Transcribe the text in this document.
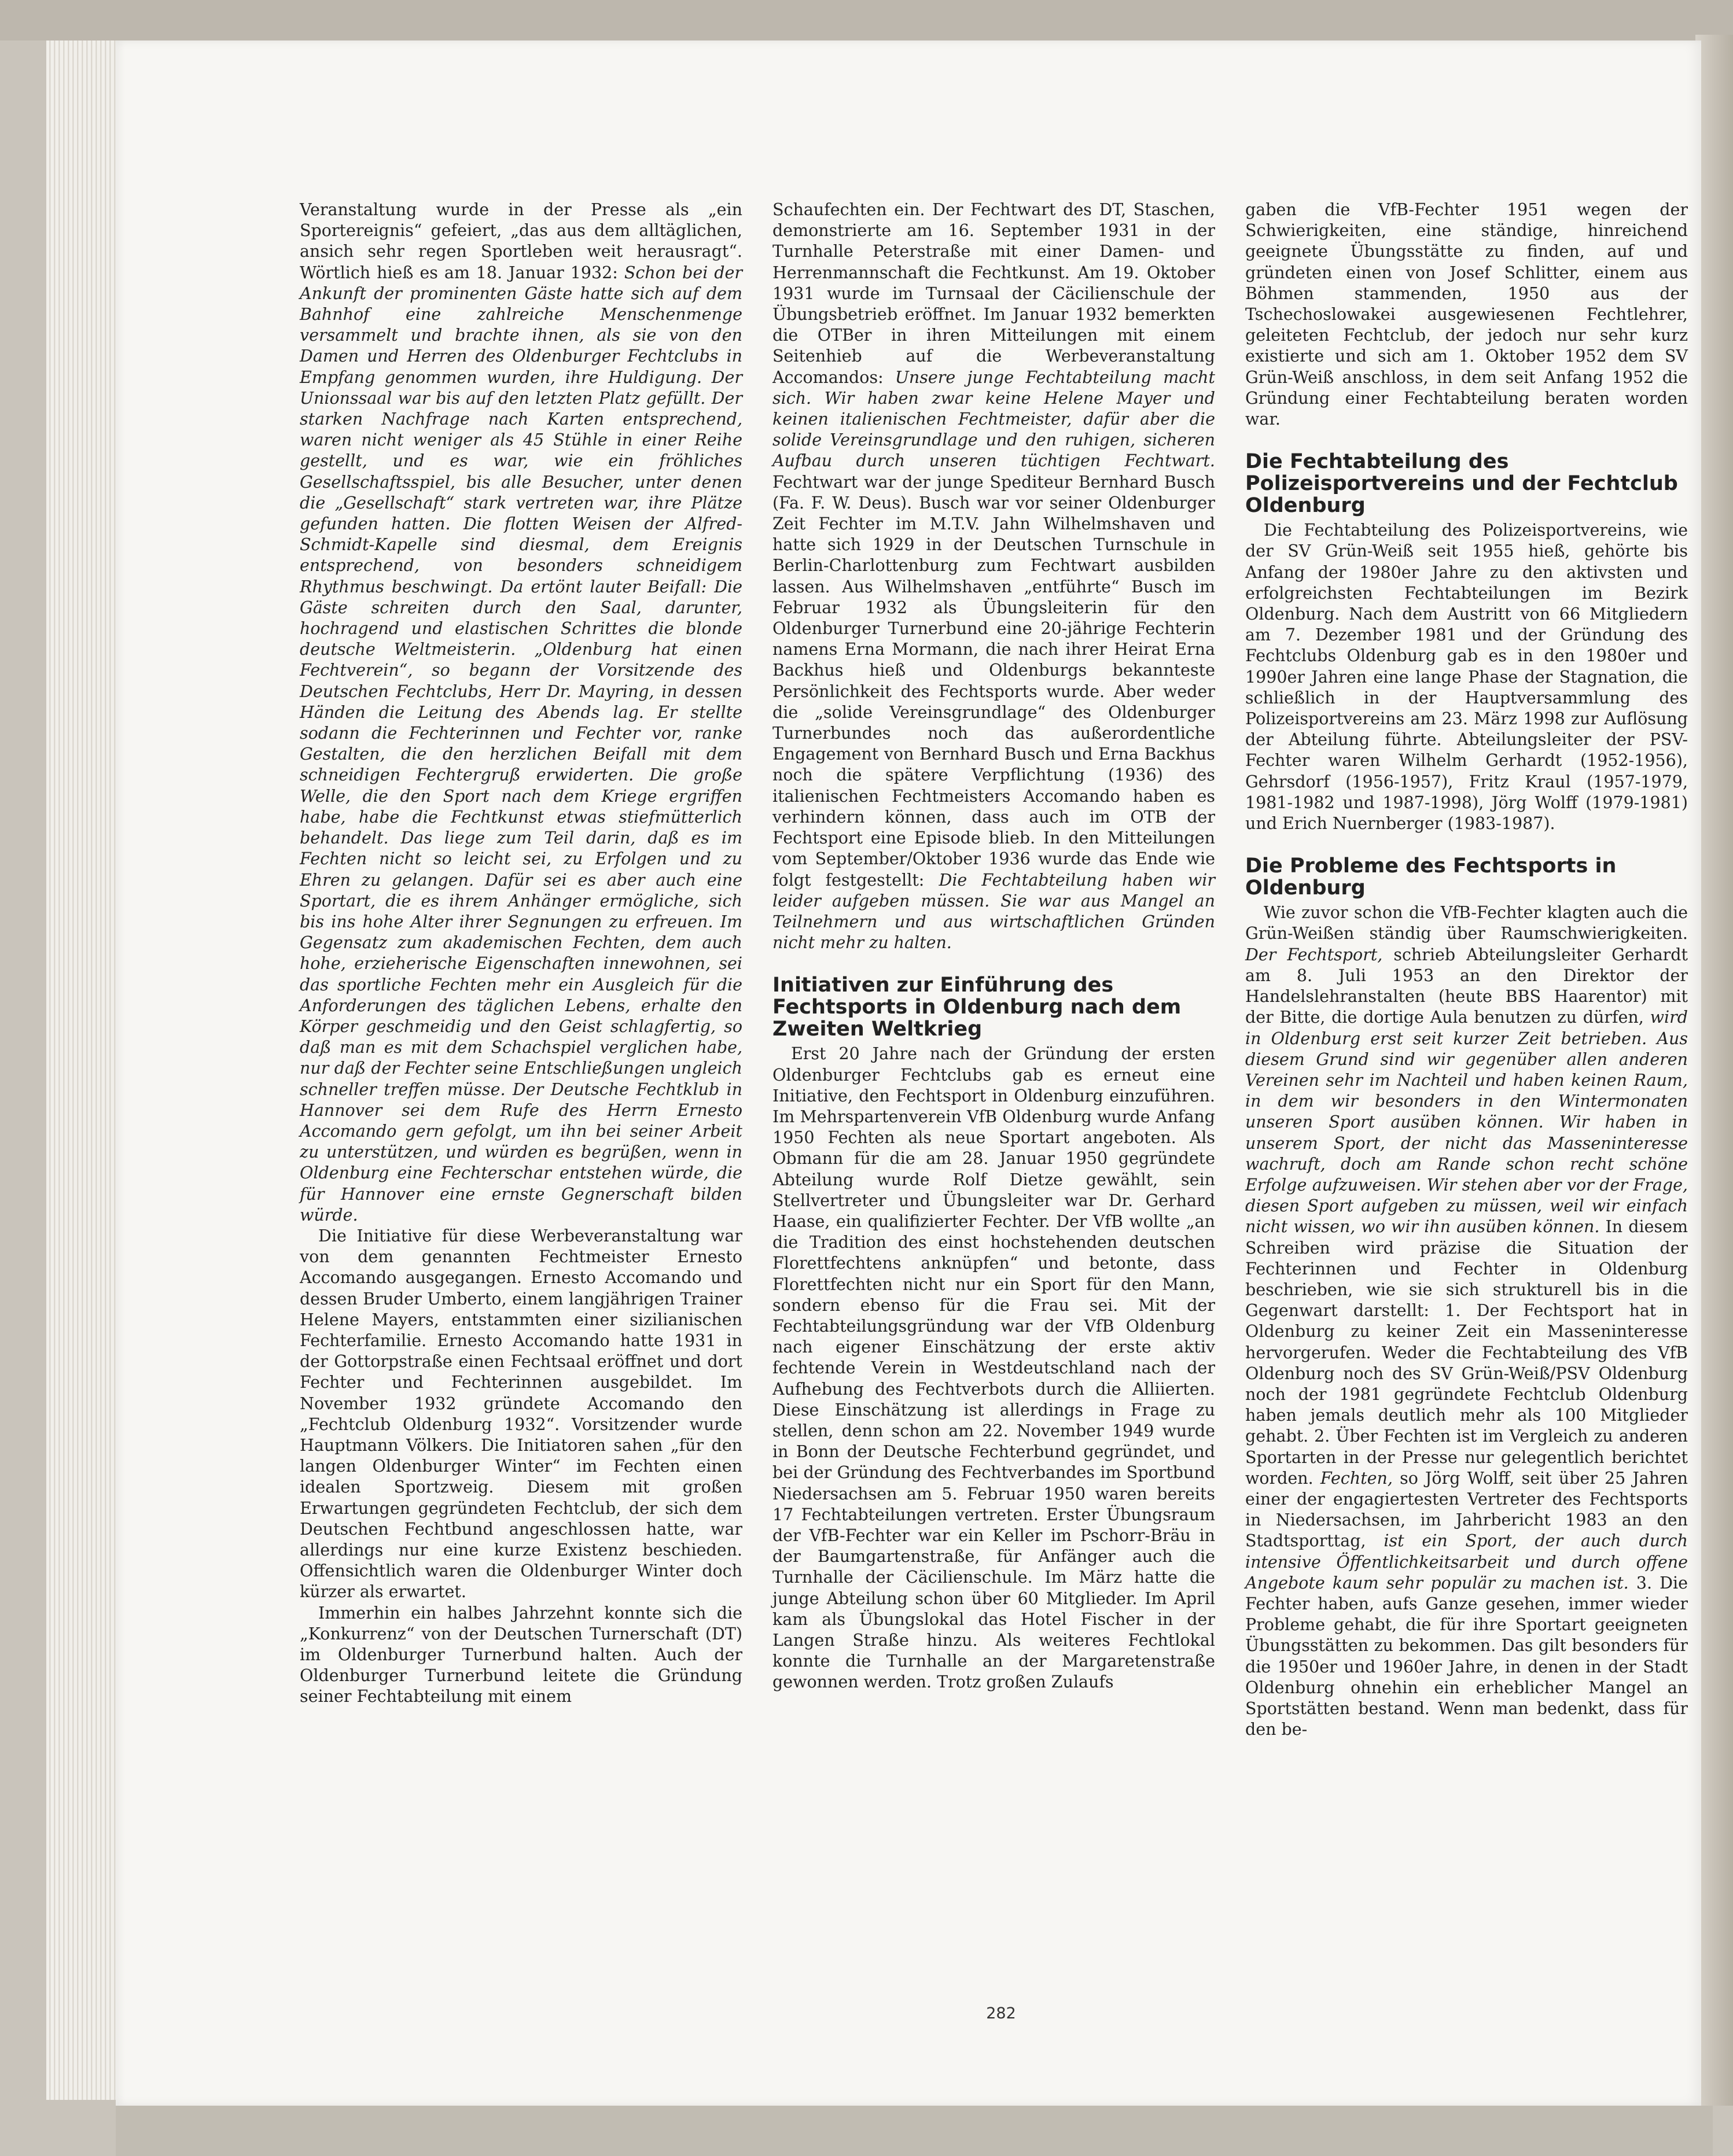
Veranstaltung wurde in der Presse als „ein Sportereignis“ gefeiert, „das aus dem alltäglichen, ansich sehr regen Sportleben weit herausragt“. Wörtlich hieß es am 18. Januar 1932: Schon bei der Ankunft der prominenten Gäste hatte sich auf dem Bahnhof eine zahlreiche Menschenmenge versammelt und brachte ihnen, als sie von den Damen und Herren des Oldenburger Fechtclubs in Empfang genommen wurden, ihre Huldigung. Der Unionssaal war bis auf den letzten Platz gefüllt. Der starken Nachfrage nach Karten entsprechend, waren nicht weniger als 45 Stühle in einer Reihe gestellt, und es war, wie ein fröhliches Gesellschaftsspiel, bis alle Besucher, unter denen die „Gesellschaft“ stark vertreten war, ihre Plätze gefunden hatten. Die flotten Weisen der Alfred-Schmidt-Kapelle sind diesmal, dem Ereignis entsprechend, von besonders schneidigem Rhythmus beschwingt. Da ertönt lauter Beifall: Die Gäste schreiten durch den Saal, darunter, hochragend und elastischen Schrittes die blonde deutsche Weltmeisterin. „Oldenburg hat einen Fechtverein“, so begann der Vorsitzende des Deutschen Fechtclubs, Herr Dr. Mayring, in dessen Händen die Leitung des Abends lag. Er stellte sodann die Fechterinnen und Fechter vor, ranke Gestalten, die den herzlichen Beifall mit dem schneidigen Fechtergruß erwiderten. Die große Welle, die den Sport nach dem Kriege ergriffen habe, habe die Fechtkunst etwas stiefmütterlich behandelt. Das liege zum Teil darin, daß es im Fechten nicht so leicht sei, zu Erfolgen und zu Ehren zu gelangen. Dafür sei es aber auch eine Sportart, die es ihrem Anhänger ermögliche, sich bis ins hohe Alter ihrer Segnungen zu erfreuen. Im Gegensatz zum akademischen Fechten, dem auch hohe, erzieherische Eigenschaften innewohnen, sei das sportliche Fechten mehr ein Ausgleich für die Anforderungen des täglichen Lebens, erhalte den Körper geschmeidig und den Geist schlagfertig, so daß man es mit dem Schachspiel verglichen habe, nur daß der Fechter seine Entschließungen ungleich schneller treffen müsse. Der Deutsche Fechtklub in Hannover sei dem Rufe des Herrn Ernesto Accomando gern gefolgt, um ihn bei seiner Arbeit zu unterstützen, und würden es begrüßen, wenn in Oldenburg eine Fechterschar entstehen würde, die für Hannover eine ernste Gegnerschaft bilden würde.

Die Initiative für diese Werbeveranstaltung war von dem genannten Fechtmeister Ernesto Accomando ausgegangen. Ernesto Accomando und dessen Bruder Umberto, einem langjährigen Trainer Helene Mayers, entstammten einer sizilianischen Fechterfamilie. Ernesto Accomando hatte 1931 in der Gottorpstraße einen Fechtsaal eröffnet und dort Fechter und Fechterinnen ausgebildet. Im November 1932 gründete Accomando den „Fechtclub Oldenburg 1932“. Vorsitzender wurde Hauptmann Völkers. Die Initiatoren sahen „für den langen Oldenburger Winter“ im Fechten einen idealen Sportzweig. Diesem mit großen Erwartungen gegründeten Fechtclub, der sich dem Deutschen Fechtbund angeschlossen hatte, war allerdings nur eine kurze Existenz beschieden. Offensichtlich waren die Oldenburger Winter doch kürzer als erwartet.

Immerhin ein halbes Jahrzehnt konnte sich die „Konkurrenz“ von der Deutschen Turnerschaft (DT) im Oldenburger Turnerbund halten. Auch der Oldenburger Turnerbund leitete die Gründung seiner Fechtabteilung mit einem

Schaufechten ein. Der Fechtwart des DT, Staschen, demonstrierte am 16. September 1931 in der Turnhalle Peterstraße mit einer Damen- und Herrenmannschaft die Fechtkunst. Am 19. Oktober 1931 wurde im Turnsaal der Cäcilienschule der Übungsbetrieb eröffnet. Im Januar 1932 bemerkten die OTBer in ihren Mitteilungen mit einem Seitenhieb auf die Werbeveranstaltung Accomandos: Unsere junge Fechtabteilung macht sich. Wir haben zwar keine Helene Mayer und keinen italienischen Fechtmeister, dafür aber die solide Vereinsgrundlage und den ruhigen, sicheren Aufbau durch unseren tüchtigen Fechtwart. Fechtwart war der junge Spediteur Bernhard Busch (Fa. F. W. Deus). Busch war vor seiner Oldenburger Zeit Fechter im M.T.V. Jahn Wilhelmshaven und hatte sich 1929 in der Deutschen Turnschule in Berlin-Charlottenburg zum Fechtwart ausbilden lassen. Aus Wilhelmshaven „entführte“ Busch im Februar 1932 als Übungsleiterin für den Oldenburger Turnerbund eine 20-jährige Fechterin namens Erna Mormann, die nach ihrer Heirat Erna Backhus hieß und Oldenburgs bekannteste Persönlichkeit des Fechtsports wurde. Aber weder die „solide Vereinsgrundlage“ des Oldenburger Turnerbundes noch das außerordentliche Engagement von Bernhard Busch und Erna Backhus noch die spätere Verpflichtung (1936) des italienischen Fechtmeisters Accomando haben es verhindern können, dass auch im OTB der Fechtsport eine Episode blieb. In den Mitteilungen vom September/Oktober 1936 wurde das Ende wie folgt festgestellt: Die Fechtabteilung haben wir leider aufgeben müssen. Sie war aus Mangel an Teilnehmern und aus wirtschaftlichen Gründen nicht mehr zu halten.

Initiativen zur Einführung des Fechtsports in Oldenburg nach dem Zweiten Weltkrieg

Erst 20 Jahre nach der Gründung der ersten Oldenburger Fechtclubs gab es erneut eine Initiative, den Fechtsport in Oldenburg einzuführen. Im Mehrspartenverein VfB Oldenburg wurde Anfang 1950 Fechten als neue Sportart angeboten. Als Obmann für die am 28. Januar 1950 gegründete Abteilung wurde Rolf Dietze gewählt, sein Stellvertreter und Übungsleiter war Dr. Gerhard Haase, ein qualifizierter Fechter. Der VfB wollte „an die Tradition des einst hochstehenden deutschen Florettfechtens anknüpfen“ und betonte, dass Florettfechten nicht nur ein Sport für den Mann, sondern ebenso für die Frau sei. Mit der Fechtabteilungsgründung war der VfB Oldenburg nach eigener Einschätzung der erste aktiv fechtende Verein in Westdeutschland nach der Aufhebung des Fechtverbots durch die Alliierten. Diese Einschätzung ist allerdings in Frage zu stellen, denn schon am 22. November 1949 wurde in Bonn der Deutsche Fechterbund gegründet, und bei der Gründung des Fechtverbandes im Sportbund Niedersachsen am 5. Februar 1950 waren bereits 17 Fechtabteilungen vertreten. Erster Übungsraum der VfB-Fechter war ein Keller im Pschorr-Bräu in der Baumgartenstraße, für Anfänger auch die Turnhalle der Cäcilienschule. Im März hatte die junge Abteilung schon über 60 Mitglieder. Im April kam als Übungslokal das Hotel Fischer in der Langen Straße hinzu. Als weiteres Fechtlokal konnte die Turnhalle an der Margaretenstraße gewonnen werden. Trotz großen Zulaufs

gaben die VfB-Fechter 1951 wegen der Schwierigkeiten, eine ständige, hinreichend geeignete Übungsstätte zu finden, auf und gründeten einen von Josef Schlitter, einem aus Böhmen stammenden, 1950 aus der Tschechoslowakei ausgewiesenen Fechtlehrer, geleiteten Fechtclub, der jedoch nur sehr kurz existierte und sich am 1. Oktober 1952 dem SV Grün-Weiß anschloss, in dem seit Anfang 1952 die Gründung einer Fechtabteilung beraten worden war.

Die Fechtabteilung des Polizeisportvereins und der Fechtclub Oldenburg

Die Fechtabteilung des Polizeisportvereins, wie der SV Grün-Weiß seit 1955 hieß, gehörte bis Anfang der 1980er Jahre zu den aktivsten und erfolgreichsten Fechtabteilungen im Bezirk Oldenburg. Nach dem Austritt von 66 Mitgliedern am 7. Dezember 1981 und der Gründung des Fechtclubs Oldenburg gab es in den 1980er und 1990er Jahren eine lange Phase der Stagnation, die schließlich in der Hauptversammlung des Polizeisportvereins am 23. März 1998 zur Auflösung der Abteilung führte. Abteilungsleiter der PSV-Fechter waren Wilhelm Gerhardt (1952-1956), Gehrsdorf (1956-1957), Fritz Kraul (1957-1979, 1981-1982 und 1987-1998), Jörg Wolff (1979-1981) und Erich Nuernberger (1983-1987).

Die Probleme des Fechtsports in Oldenburg

Wie zuvor schon die VfB-Fechter klagten auch die Grün-Weißen ständig über Raumschwierigkeiten. Der Fechtsport, schrieb Abteilungsleiter Gerhardt am 8. Juli 1953 an den Direktor der Handelslehranstalten (heute BBS Haarentor) mit der Bitte, die dortige Aula benutzen zu dürfen, wird in Oldenburg erst seit kurzer Zeit betrieben. Aus diesem Grund sind wir gegenüber allen anderen Vereinen sehr im Nachteil und haben keinen Raum, in dem wir besonders in den Wintermonaten unseren Sport ausüben können. Wir haben in unserem Sport, der nicht das Masseninteresse wachruft, doch am Rande schon recht schöne Erfolge aufzuweisen. Wir stehen aber vor der Frage, diesen Sport aufgeben zu müssen, weil wir einfach nicht wissen, wo wir ihn ausüben können. In diesem Schreiben wird präzise die Situation der Fechterinnen und Fechter in Oldenburg beschrieben, wie sie sich strukturell bis in die Gegenwart darstellt: 1. Der Fechtsport hat in Oldenburg zu keiner Zeit ein Masseninteresse hervorgerufen. Weder die Fechtabteilung des VfB Oldenburg noch des SV Grün-Weiß/PSV Oldenburg noch der 1981 gegründete Fechtclub Oldenburg haben jemals deutlich mehr als 100 Mitglieder gehabt. 2. Über Fechten ist im Vergleich zu anderen Sportarten in der Presse nur gelegentlich berichtet worden. Fechten, so Jörg Wolff, seit über 25 Jahren einer der engagiertesten Vertreter des Fechtsports in Niedersachsen, im Jahrbericht 1983 an den Stadtsporttag, ist ein Sport, der auch durch intensive Öffentlichkeitsarbeit und durch offene Angebote kaum sehr populär zu machen ist. 3. Die Fechter haben, aufs Ganze gesehen, immer wieder Probleme gehabt, die für ihre Sportart geeigneten Übungsstätten zu bekommen. Das gilt besonders für die 1950er und 1960er Jahre, in denen in der Stadt Oldenburg ohnehin ein erheblicher Mangel an Sportstätten bestand. Wenn man bedenkt, dass für den be-

282
